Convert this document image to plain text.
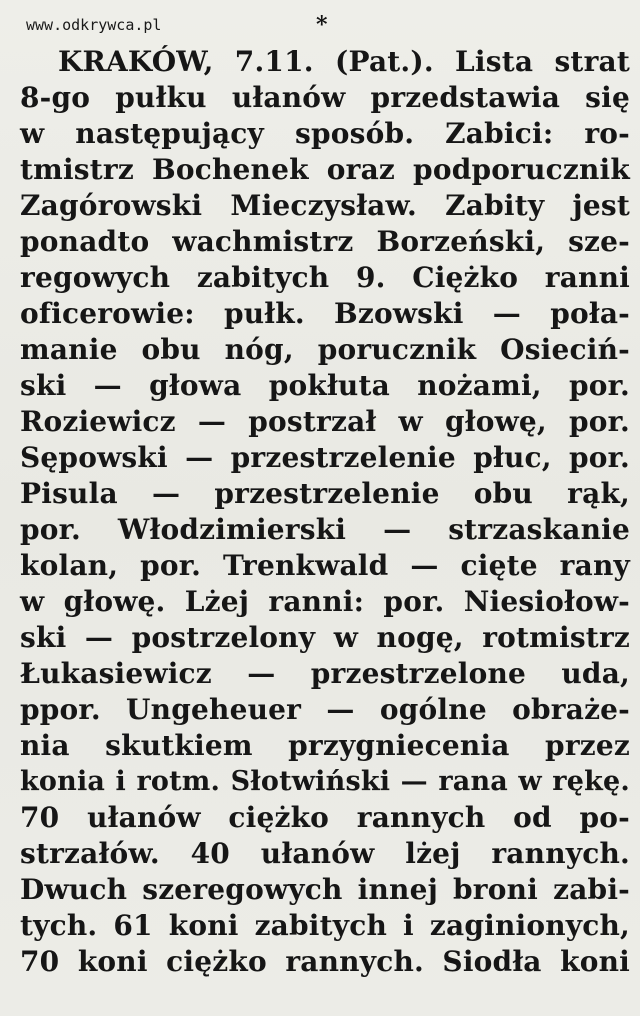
www.odkrywca.pl	*
KRAKÓW, 7.11. (Pat.). Lista strat
8-go pułku ułanów przedstawia się
w następujący sposób. Zabici: ro-
tmistrz Bochenek oraz podporucznik
Zagórowski Mieczysław. Zabity jest
ponadto wachmistrz Borzeński, sze-
regowych zabitych 9. Ciężko ranni
oficerowie: pułk. Bzowski — poła-
manie obu nóg, porucznik Osieciń-
ski — głowa pokłuta nożami, por.
Roziewicz — postrzał w głowę, por.
Sępowski — przestrzelenie płuc, por.
Pisula — przestrzelenie obu rąk,
por. Włodzimierski — strzaskanie
kolan, por. Trenkwald — cięte rany
w głowę. Lżej ranni: por. Niesiołow-
ski — postrzelony w nogę, rotmistrz
Łukasiewicz — przestrzelone uda,
ppor. Ungeheuer — ogólne obraże-
nia skutkiem przygniecenia przez
konia i rotm. Słotwiński — rana w rękę.
70 ułanów ciężko rannych od po-
strzałów. 40 ułanów lżej rannych.
Dwuch szeregowych innej broni zabi-
tych. 61 koni zabitych i zaginionych,
70 koni ciężko rannych. Siodła koni
